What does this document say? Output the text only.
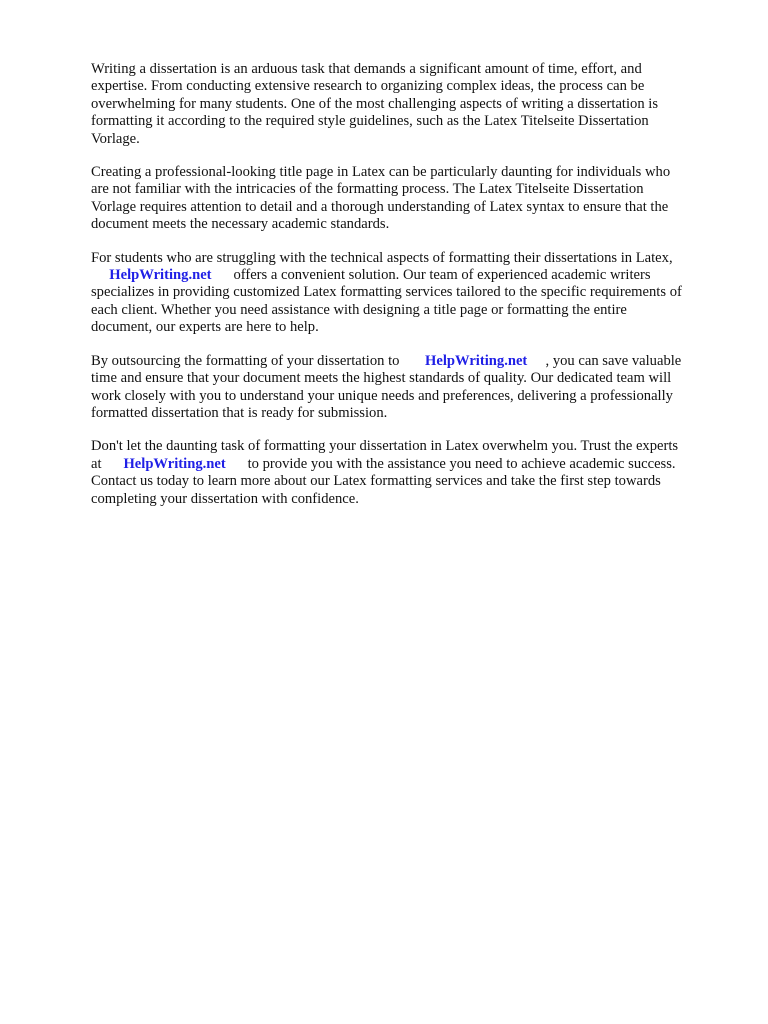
Writing a dissertation is an arduous task that demands a significant amount of time, effort, and
expertise. From conducting extensive research to organizing complex ideas, the process can be
overwhelming for many students. One of the most challenging aspects of writing a dissertation is
formatting it according to the required style guidelines, such as the Latex Titelseite Dissertation
Vorlage.

Creating a professional-looking title page in Latex can be particularly daunting for individuals who
are not familiar with the intricacies of the formatting process. The Latex Titelseite Dissertation
Vorlage requires attention to detail and a thorough understanding of Latex syntax to ensure that the
document meets the necessary academic standards.

For students who are struggling with the technical aspects of formatting their dissertations in Latex,
HelpWriting.net      offers a convenient solution. Our team of experienced academic writers
specializes in providing customized Latex formatting services tailored to the specific requirements of
each client. Whether you need assistance with designing a title page or formatting the entire
document, our experts are here to help.

By outsourcing the formatting of your dissertation to       HelpWriting.net     , you can save valuable
time and ensure that your document meets the highest standards of quality. Our dedicated team will
work closely with you to understand your unique needs and preferences, delivering a professionally
formatted dissertation that is ready for submission.

Don't let the daunting task of formatting your dissertation in Latex overwhelm you. Trust the experts
at      HelpWriting.net      to provide you with the assistance you need to achieve academic success.
Contact us today to learn more about our Latex formatting services and take the first step towards
completing your dissertation with confidence.
